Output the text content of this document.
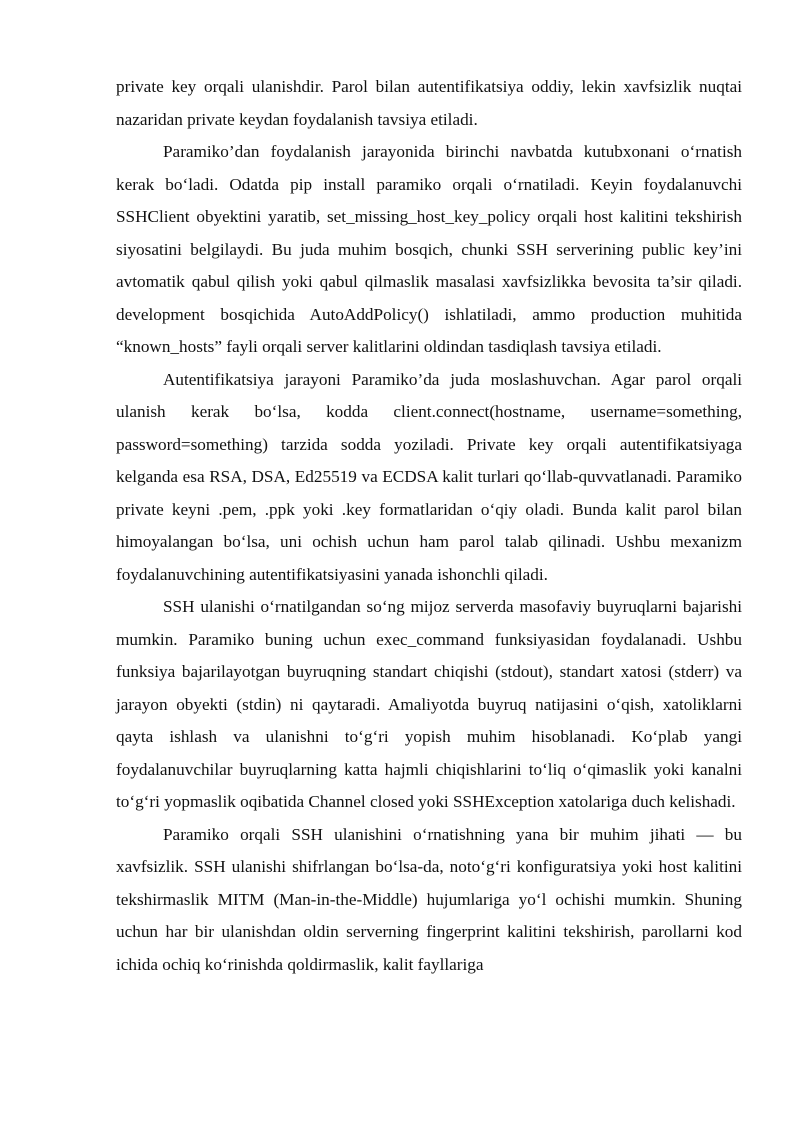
private key orqali ulanishdir. Parol bilan autentifikatsiya oddiy, lekin xavfsizlik nuqtai nazaridan private keydan foydalanish tavsiya etiladi.

Paramiko’dan foydalanish jarayonida birinchi navbatda kutubxonani o‘rnatish kerak bo‘ladi. Odatda pip install paramiko orqali o‘rnatiladi. Keyin foydalanuvchi SSHClient obyektini yaratib, set_missing_host_key_policy orqali host kalitini tekshirish siyosatini belgilaydi. Bu juda muhim bosqich, chunki SSH serverining public key’ini avtomatik qabul qilish yoki qabul qilmaslik masalasi xavfsizlikka bevosita ta’sir qiladi. development bosqichida AutoAddPolicy() ishlatiladi, ammo production muhitida “known_hosts” fayli orqali server kalitlarini oldindan tasdiqlash tavsiya etiladi.

Autentifikatsiya jarayoni Paramiko’da juda moslashuvchan. Agar parol orqali ulanish kerak bo‘lsa, kodda client.connect(hostname, username=something, password=something) tarzida sodda yoziladi. Private key orqali autentifikatsiyaga kelganda esa RSA, DSA, Ed25519 va ECDSA kalit turlari qo‘llab-quvvatlanadi. Paramiko private keyni .pem, .ppk yoki .key formatlaridan o‘qiy oladi. Bunda kalit parol bilan himoyalangan bo‘lsa, uni ochish uchun ham parol talab qilinadi. Ushbu mexanizm foydalanuvchining autentifikatsiyasini yanada ishonchli qiladi.

SSH ulanishi o‘rnatilgandan so‘ng mijoz serverda masofaviy buyruqlarni bajarishi mumkin. Paramiko buning uchun exec_command funksiyasidan foydalanadi. Ushbu funksiya bajarilayotgan buyruqning standart chiqishi (stdout), standart xatosi (stderr) va jarayon obyekti (stdin) ni qaytaradi. Amaliyotda buyruq natijasini o‘qish, xatoliklarni qayta ishlash va ulanishni to‘g‘ri yopish muhim hisoblanadi. Ko‘plab yangi foydalanuvchilar buyruqlarning katta hajmli chiqishlarini to‘liq o‘qimaslik yoki kanalni to‘g‘ri yopmaslik oqibatida Channel closed yoki SSHException xatolariga duch kelishadi.

Paramiko orqali SSH ulanishini o‘rnatishning yana bir muhim jihati — bu xavfsizlik. SSH ulanishi shifrlangan bo‘lsa-da, noto‘g‘ri konfiguratsiya yoki host kalitini tekshirmaslik MITM (Man-in-the-Middle) hujumlariga yo‘l ochishi mumkin. Shuning uchun har bir ulanishdan oldin serverning fingerprint kalitini tekshirish, parollarni kod ichida ochiq ko‘rinishda qoldirmaslik, kalit fayllariga
